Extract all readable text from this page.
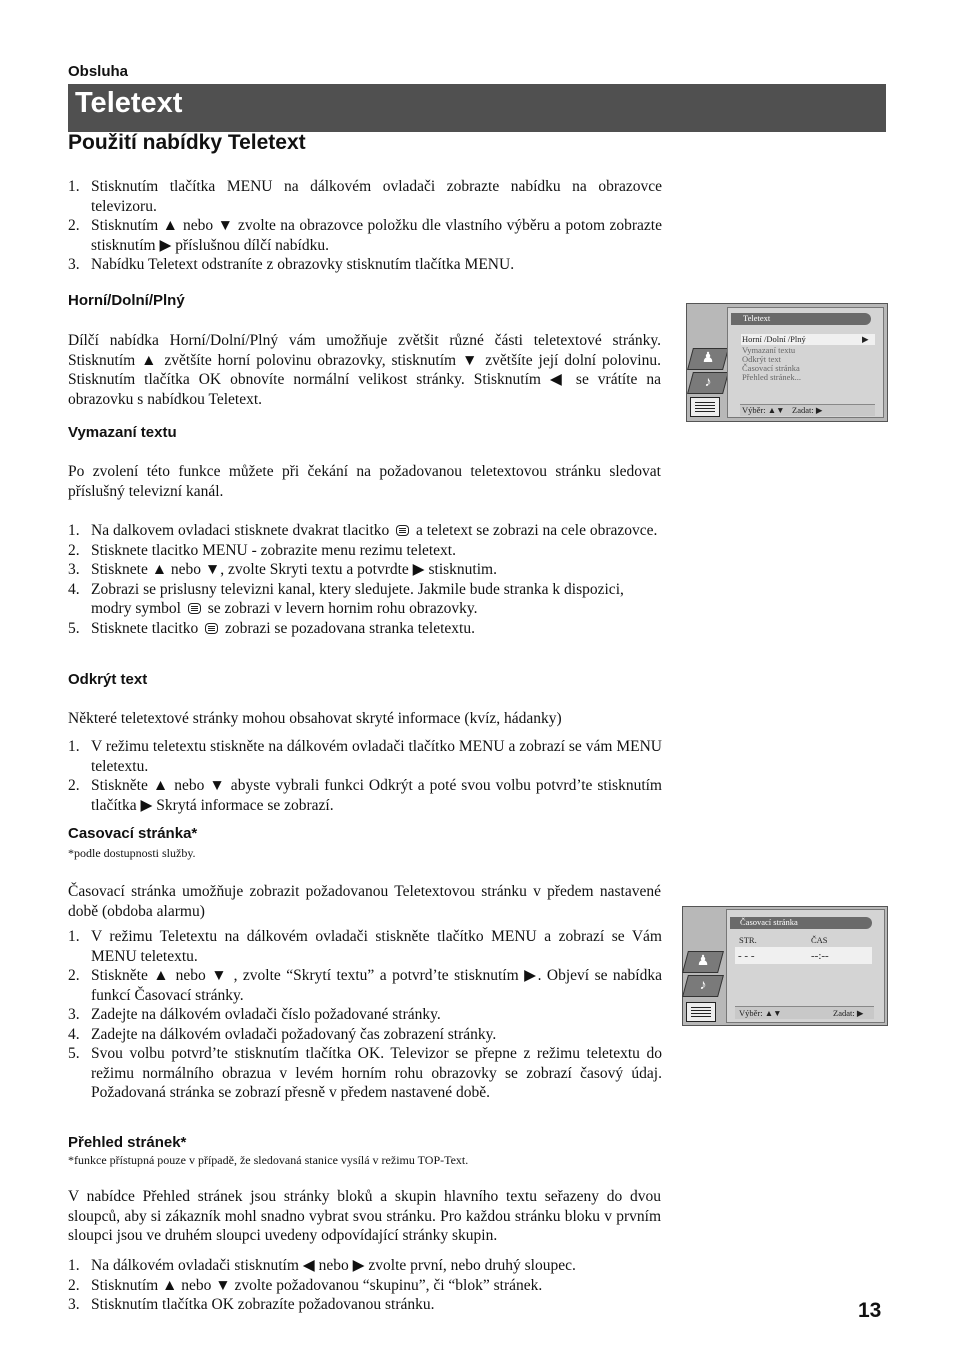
Obsluha
Teletext
Použití nabídky Teletext
1. Stisknutím tlačítka MENU na dálkovém ovladači zobrazte nabídku na obrazovce televizoru.
2. Stisknutím ▲ nebo ▼ zvolte na obrazovce položku dle vlastního výběru a potom zobrazte stisknutím ▶ příslušnou dílčí nabídku.
3. Nabídku Teletext odstraníte z obrazovky stisknutím tlačítka MENU.
Horní/Dolní/Plný
Dílčí nabídka Horní/Dolní/Plný vám umožňuje zvětšit různé části teletextové stránky. Stisknutím ▲ zvětšíte horní polovinu obrazovky, stisknutím ▼ zvětšíte její dolní polovinu. Stisknutím tlačítka OK obnovíte normální velikost stránky. Stisknutím ◀ se vrátíte na obrazovku s nabídkou Teletext.
Vymazaní textu
Po zvolení této funkce můžete při čekání na požadovanou teletextovou stránku sledovat příslušný televizní kanál.
1. Na dalkovem ovladaci stisknete dvakrat tlacitko a teletext se zobrazi na cele obrazovce.
2. Stisknete tlacitko MENU - zobrazite menu rezimu teletext.
3. Stisknete ▲ nebo ▼, zvolte Skryti textu a potvrdte ▶ stisknutim.
4. Zobrazi se prislusny televizni kanal, ktery sledujete. Jakmile bude stranka k dispozici, modry symbol se zobrazi v levern hornim rohu obrazovky.
5. Stisknete tlacitko zobrazi se pozadovana stranka teletextu.
Odkrýt text
Některé teletextové stránky mohou obsahovat skryté informace (kvíz, hádanky)
1. V režimu teletextu stiskněte na dálkovém ovladači tlačítko MENU a zobrazí se vám MENU teletextu.
2. Stiskněte ▲ nebo ▼ abyste vybrali funkci Odkrýt a poté svou volbu potvrd’te stisknutím tlačítka ▶ Skrytá informace se zobrazí.
Casovací stránka*
*podle dostupnosti služby.
Časovací stránka umožňuje zobrazit požadovanou Teletextovou stránku v předem nastavené době (obdoba alarmu)
1. V režimu Teletextu na dálkovém ovladači stiskněte tlačítko MENU a zobrazí se Vám MENU teletextu.
2. Stiskněte ▲ nebo ▼ , zvolte “Skrytí textu” a potvrd’te stisknutím ▶. Objeví se nabídka funkcí Časovací stránky.
3. Zadejte na dálkovém ovladači číslo požadované stránky.
4. Zadejte na dálkovém ovladači požadovaný čas zobrazení stránky.
5. Svou volbu potvrd’te stisknutím tlačítka OK. Televizor se přepne z režimu teletextu do režimu normálního obrazua v levém horním rohu obrazovky se zobrazí časový údaj. Požadovaná stránka se zobrazí přesně v předem nastavené době.
Přehled stránek*
*funkce přístupná pouze v případě, že sledovaná stanice vysílá v režimu TOP-Text.
V nabídce Přehled stránek jsou stránky bloků a skupin hlavního textu seřazeny do dvou sloupců, aby si zákazník mohl snadno vybrat svou stránku. Pro každou stránku bloku v prvním sloupci jsou ve druhém sloupci uvedeny odpovídající stránky skupin.
1. Na dálkovém ovladači stisknutím ◀ nebo ▶ zvolte první, nebo druhý sloupec.
2. Stisknutím ▲ nebo ▼ zvolte požadovanou “skupinu”, či “blok” stránek.
3. Stisknutím tlačítka OK zobrazíte požadovanou stránku.	13
♟
♪
Teletext
Horní /Dolní /Plný	▶
Vymazaní textu
Odkrýt text
Časovací stránka
Přehled stránek...
Výběr: ▲▼ Zadat: ▶
♟
♪
Časovací stránka
STR.	ČAS
- - -	--:--
Výběr: ▲▼	Zadat: ▶
